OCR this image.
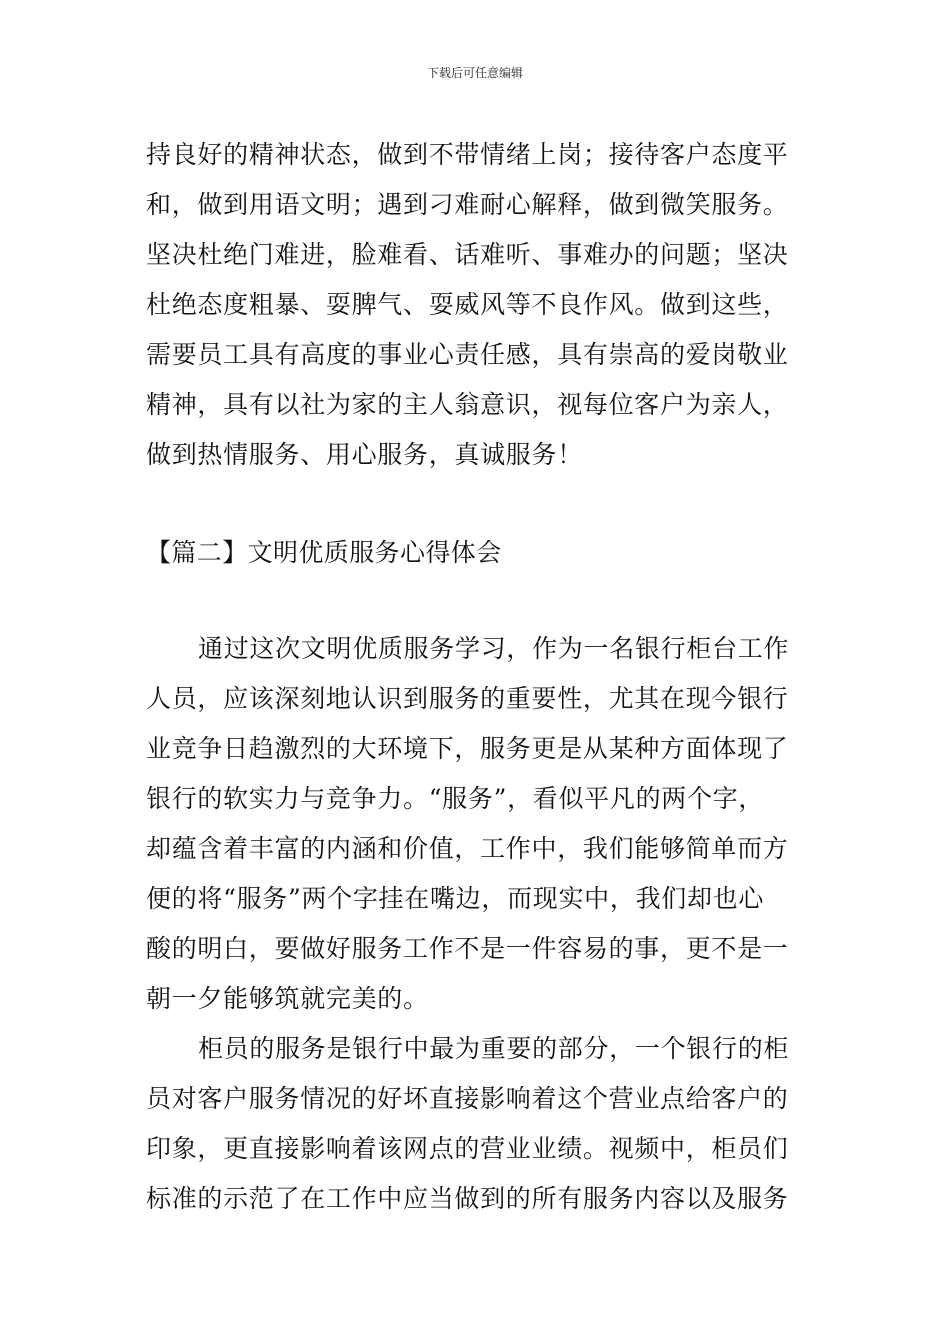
下载后可任意编辑
持良好的精神状态，做到不带情绪上岗；接待客户态度平
和，做到用语文明；遇到刁难耐心解释，做到微笑服务。
坚决杜绝门难进，脸难看、话难听、事难办的问题；坚决
杜绝态度粗暴、耍脾气、耍威风等不良作风。做到这些，
需要员工具有高度的事业心责任感，具有崇高的爱岗敬业
精神，具有以社为家的主人翁意识，视每位客户为亲人，
做到热情服务、用心服务，真诚服务！
【篇二】文明优质服务心得体会
通过这次文明优质服务学习，作为一名银行柜台工作
人员，应该深刻地认识到服务的重要性，尤其在现今银行
业竞争日趋激烈的大环境下，服务更是从某种方面体现了
银行的软实力与竞争力。“服务”，看似平凡的两个字，
却蕴含着丰富的内涵和价值，工作中，我们能够简单而方
便的将“服务”两个字挂在嘴边，而现实中，我们却也心
酸的明白，要做好服务工作不是一件容易的事，更不是一
朝一夕能够筑就完美的。
柜员的服务是银行中最为重要的部分，一个银行的柜
员对客户服务情况的好坏直接影响着这个营业点给客户的
印象，更直接影响着该网点的营业业绩。视频中，柜员们
标准的示范了在工作中应当做到的所有服务内容以及服务
